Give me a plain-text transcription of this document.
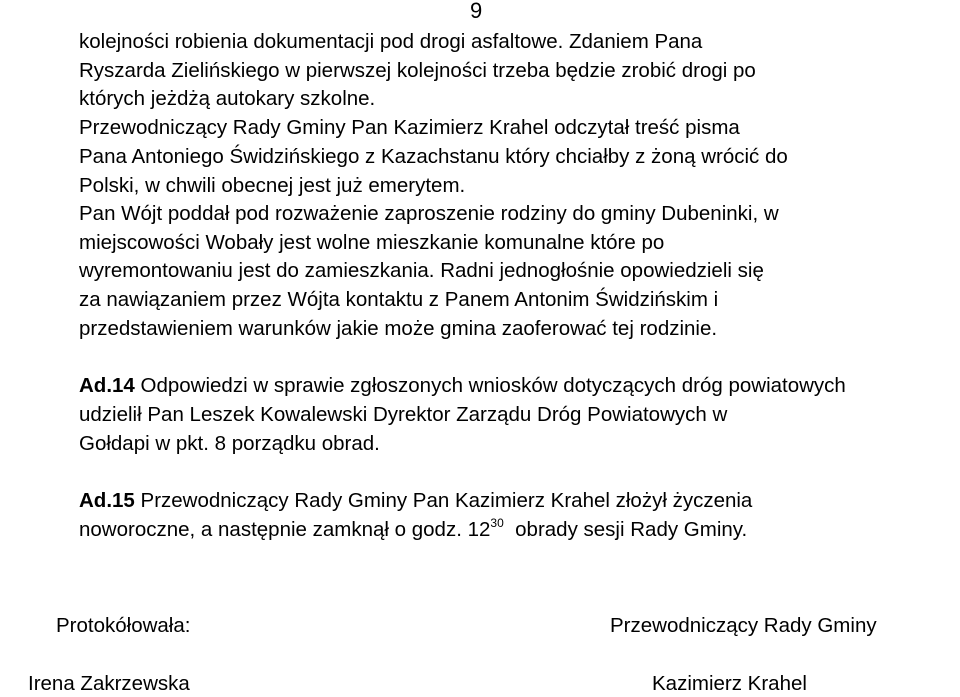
9
kolejności robienia dokumentacji pod drogi asfaltowe. Zdaniem Pana
Ryszarda Zielińskiego w pierwszej kolejności trzeba będzie zrobić drogi po
których jeżdżą autokary szkolne.
Przewodniczący Rady Gminy Pan Kazimierz Krahel odczytał treść pisma
Pana Antoniego Świdzińskiego z Kazachstanu który chciałby z żoną wrócić do
Polski, w chwili obecnej jest już emerytem.
Pan Wójt poddał pod rozważenie zaproszenie rodziny do gminy Dubeninki, w
miejscowości Wobały jest wolne mieszkanie komunalne które po
wyremontowaniu jest do zamieszkania. Radni jednogłośnie opowiedzieli się
za nawiązaniem przez Wójta kontaktu z Panem Antonim Świdzińskim i
przedstawieniem warunków jakie może gmina zaoferować tej rodzinie.
Ad.14 Odpowiedzi w sprawie zgłoszonych wniosków dotyczących dróg powiatowych
udzielił Pan Leszek Kowalewski Dyrektor Zarządu Dróg Powiatowych w
Gołdapi w pkt. 8 porządku obrad.
Ad.15 Przewodniczący Rady Gminy Pan Kazimierz Krahel złożył życzenia
noworoczne, a następnie zamknął o godz. $12^{30}$  obrady sesji Rady Gminy.
Protokółowała:	Przewodniczący Rady Gminy
Irena Zakrzewska	Kazimierz Krahel
